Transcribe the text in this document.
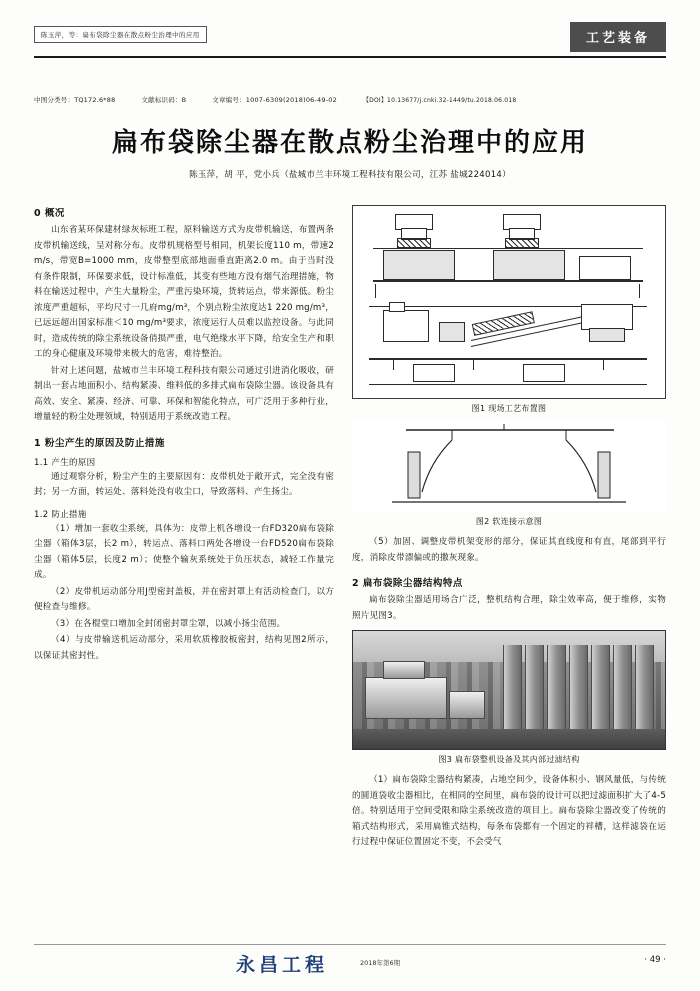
陈玉萍，等：扁布袋除尘器在散点粉尘治理中的应用	工艺装备
中图分类号：TQ172.6*88	文献标识码：B	文章编号：1007-6309(2018)06-49-02	【DOI】10.13677/j.cnki.32-1449/tu.2018.06.018
扁布袋除尘器在散点粉尘治理中的应用
陈玉萍，胡 平，党小兵（盐城市兰丰环境工程科技有限公司，江苏 盐城224014）
0 概况

山东省某环保建材绿灰标班工程，原料输送方式为皮带机输送，布置两条皮带机输送线，呈对称分布。皮带机规格型号相同，机架长度110 m，带速2 m/s，带宽B=1000 mm，皮带整型底部地面垂直距离2.0 m。由于当时没有条件限制，环保要求低，设计标准低，其变有些地方没有烟气治理措施，物料在输送过程中，产生大量粉尘，严重污染环境，货转运点，带来源低。粉尘浓度严重超标，平均尺寸一几府mg/m³，个别点粉尘浓度达1 220 mg/m³，已远远超出国家标准＜10 mg/m³要求，浓度运行人员难以监控设备。与此同时，造成传统的除尘系统设备俏损严重，电气绝缘水平下降，给安全生产和职工的身心健康及环境带来极大的危害，难待整治。

针对上述问题，盐城市兰丰环境工程科技有限公司通过引进消化吸收，研制出一套占地面积小、结构紧凑、维料低的多排式扁布袋除尘器。该设备具有高效、安全、紧凑、经济、可靠、环保和智能化特点，可广泛用于多种行业，增量轻的粉尘处理领域，特别适用于系统改造工程。

1 粉尘产生的原因及防止措施
1.1 产生的原因

通过观察分析，粉尘产生的主要原因有：皮带机处于敞开式，完全没有密封；另一方面，转运处、落料处没有收尘口，导致落料、产生扬尘。

1.2 防止措施

（1）增加一套收尘系统，具体为：皮带上机各增设一台FD320扁布袋除尘器（箱体3层，长2 m），转运点、落料口两处各增设一台FD520扁布袋除尘器（箱体5层，长度2 m）；使整个输灰系统处于负压状态，减轻工作量完成。

（2）皮带机运动部分用J型密封盖板，并在密封罩上有活动检查门，以方便检查与维修。

（3）在各棍堂口增加全封闭密封罩尘罩，以减小扬尘范围。

（4）与皮带输送机运动部分，采用软质橡胶板密封，结构见图2所示，以保证其密封性。

图1 现场工艺布置图
图2 软连接示意图

（5）加固、调整皮带机架变形的部分，保证其直线度和有直，尾部到平行度，消除皮带漂偏或的撒灰现象。

2 扁布袋除尘器结构特点

扁布袋除尘器适用场合广泛，整机结构合理，除尘效率高，便于维修，实物照片见图3。

图3 扁布袋整机设备及其内部过滤结构

（1）扁布袋除尘器结构紧凑，占地空间少，设备体积小、钢风量低，与传统的圆道袋收尘器相比，在相同的空间里，扁布袋的设计可以把过滤面积扩大了4-5倍。特别适用于空间受限和除尘系统改造的项目上。扁布袋除尘器改变了传统的箱式结构形式，采用扁锥式结构，每条布袋都有一个固定的袢槽，这样滤袋在运行过程中保证位置固定不变，不会受气

永昌工程	2018年第6期	· 49 ·
